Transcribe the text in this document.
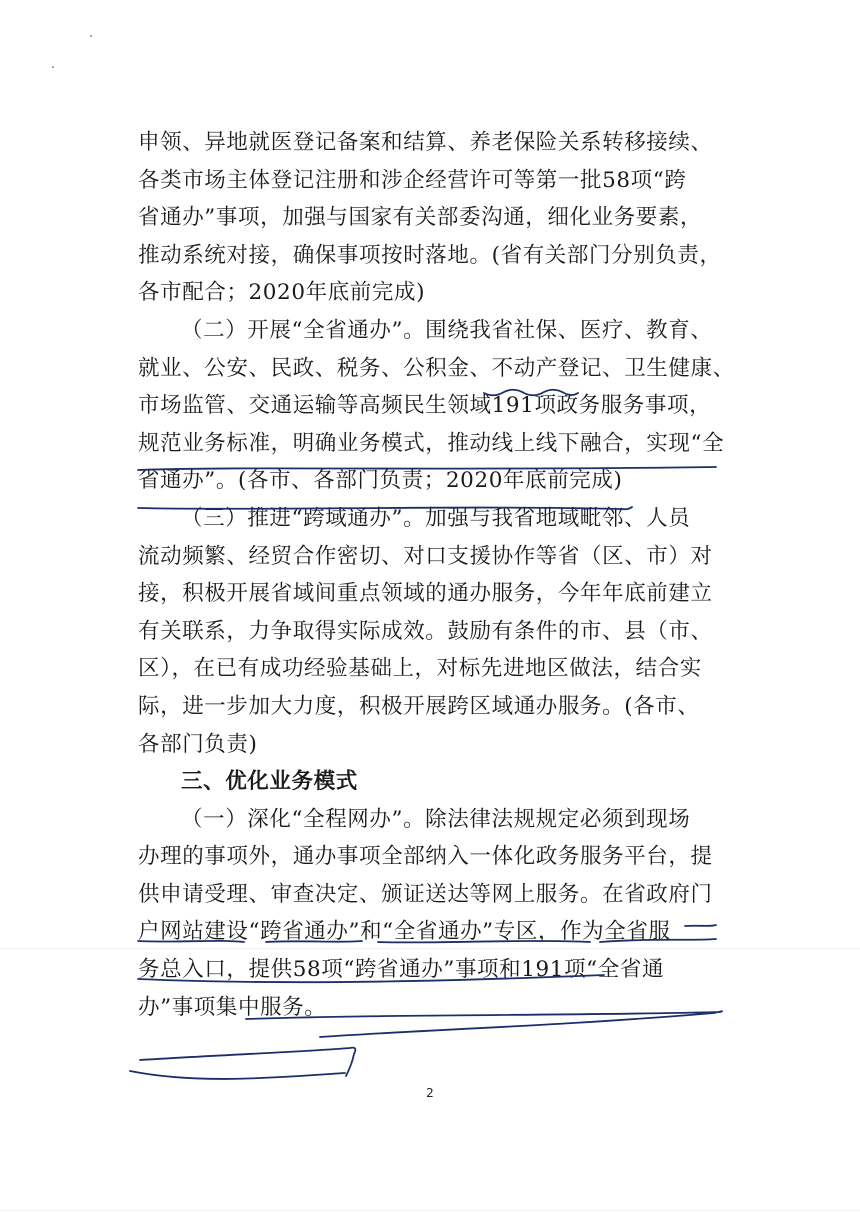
申领、异地就医登记备案和结算、养老保险关系转移接续、
各类市场主体登记注册和涉企经营许可等第一批58项“跨
省通办”事项，加强与国家有关部委沟通，细化业务要素，
推动系统对接，确保事项按时落地。(省有关部门分别负责，
各市配合；2020年底前完成)
（二）开展“全省通办”。围绕我省社保、医疗、教育、
就业、公安、民政、税务、公积金、不动产登记、卫生健康、
市场监管、交通运输等高频民生领域191项政务服务事项，
规范业务标准，明确业务模式，推动线上线下融合，实现“全
省通办”。(各市、各部门负责；2020年底前完成)
（三）推进“跨域通办”。加强与我省地域毗邻、人员
流动频繁、经贸合作密切、对口支援协作等省（区、市）对
接，积极开展省域间重点领域的通办服务，今年年底前建立
有关联系，力争取得实际成效。鼓励有条件的市、县（市、
区），在已有成功经验基础上，对标先进地区做法，结合实
际，进一步加大力度，积极开展跨区域通办服务。(各市、
各部门负责)
三、优化业务模式
（一）深化“全程网办”。除法律法规规定必须到现场
办理的事项外，通办事项全部纳入一体化政务服务平台，提
供申请受理、审查决定、颁证送达等网上服务。在省政府门
户网站建设“跨省通办”和“全省通办”专区，作为全省服
务总入口，提供58项“跨省通办”事项和191项“全省通
办”事项集中服务。
2
